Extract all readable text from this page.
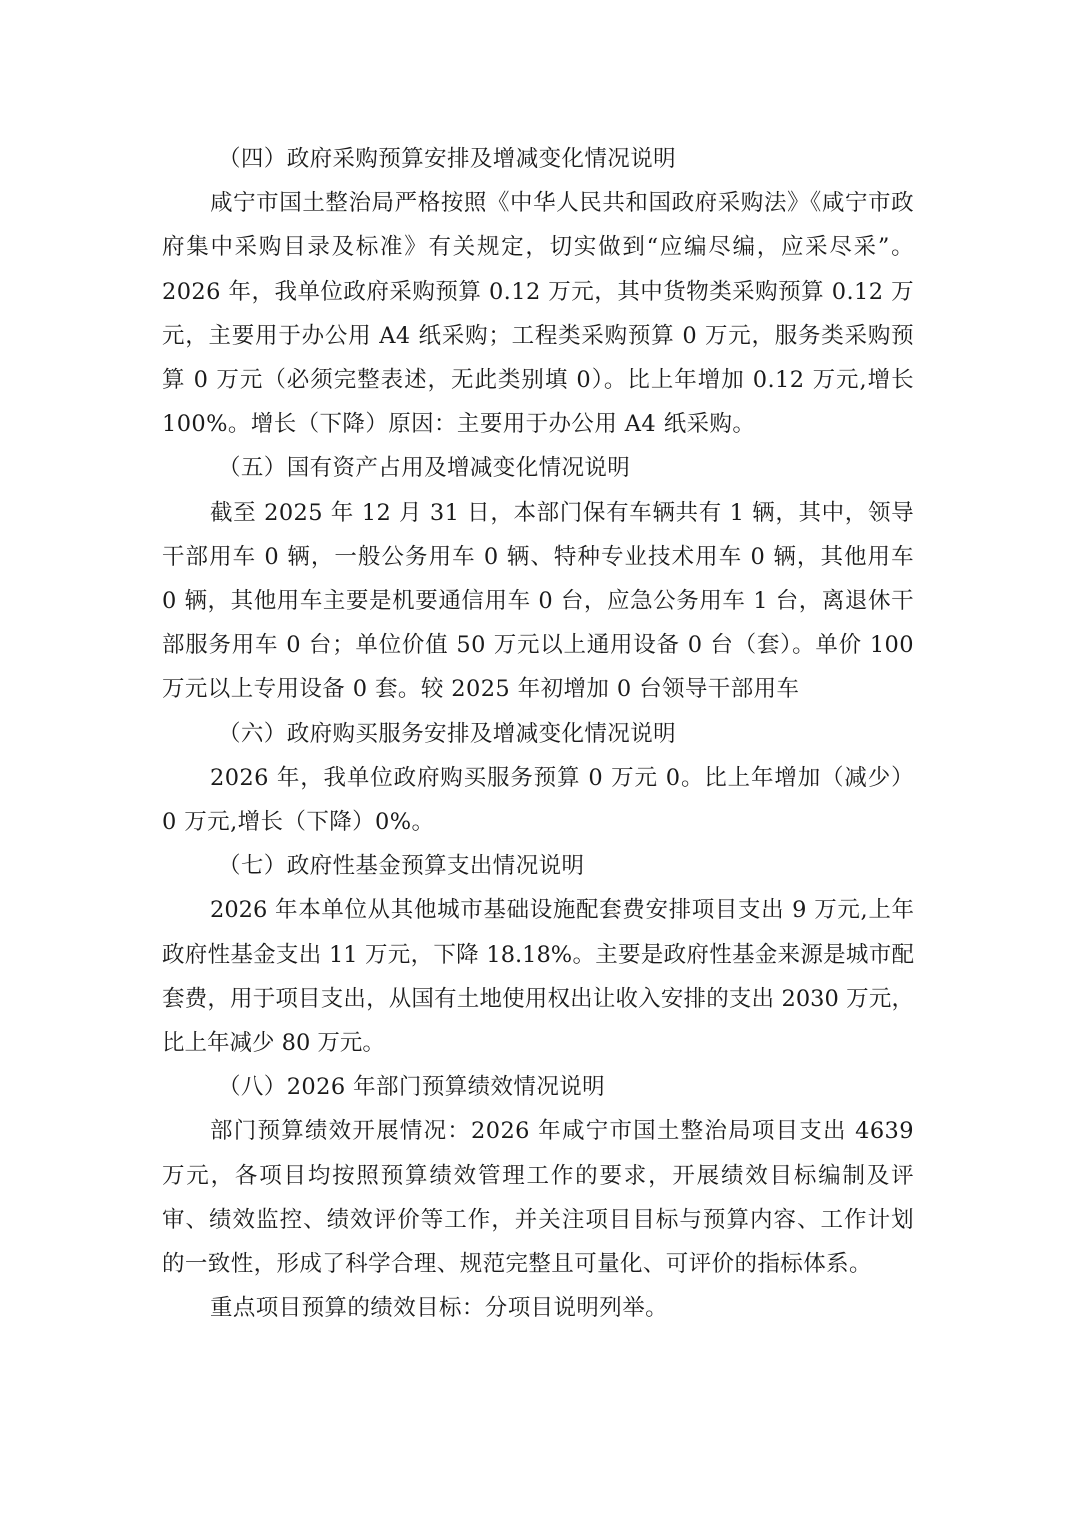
（四）政府采购预算安排及增减变化情况说明

咸宁市国土整治局严格按照《中华人民共和国政府采购法》《咸宁市政府集中采购目录及标准》有关规定，切实做到“应编尽编，应采尽采”。2026 年，我单位政府采购预算 0.12 万元，其中货物类采购预算 0.12 万元，主要用于办公用 A4 纸采购；工程类采购预算 0 万元，服务类采购预算 0 万元（必须完整表述，无此类别填 0）。比上年增加 0.12 万元,增长 100%。增长（下降）原因：主要用于办公用 A4 纸采购。

（五）国有资产占用及增减变化情况说明

截至 2025 年 12 月 31 日，本部门保有车辆共有 1 辆，其中，领导干部用车 0 辆，一般公务用车 0 辆、特种专业技术用车 0 辆，其他用车 0 辆，其他用车主要是机要通信用车 0 台，应急公务用车 1 台，离退休干部服务用车 0 台；单位价值 50 万元以上通用设备 0 台（套）。单价 100 万元以上专用设备 0 套。较 2025 年初增加 0 台领导干部用车

（六）政府购买服务安排及增减变化情况说明

2026 年，我单位政府购买服务预算 0 万元 0。比上年增加（减少）0 万元,增长（下降）0%。

（七）政府性基金预算支出情况说明

2026 年本单位从其他城市基础设施配套费安排项目支出 9 万元,上年政府性基金支出 11 万元，下降 18.18%。主要是政府性基金来源是城市配套费，用于项目支出，从国有土地使用权出让收入安排的支出 2030 万元，比上年减少 80 万元。

（八）2026 年部门预算绩效情况说明

部门预算绩效开展情况：2026 年咸宁市国土整治局项目支出 4639 万元，各项目均按照预算绩效管理工作的要求，开展绩效目标编制及评审、绩效监控、绩效评价等工作，并关注项目目标与预算内容、工作计划的一致性，形成了科学合理、规范完整且可量化、可评价的指标体系。

重点项目预算的绩效目标：分项目说明列举。
